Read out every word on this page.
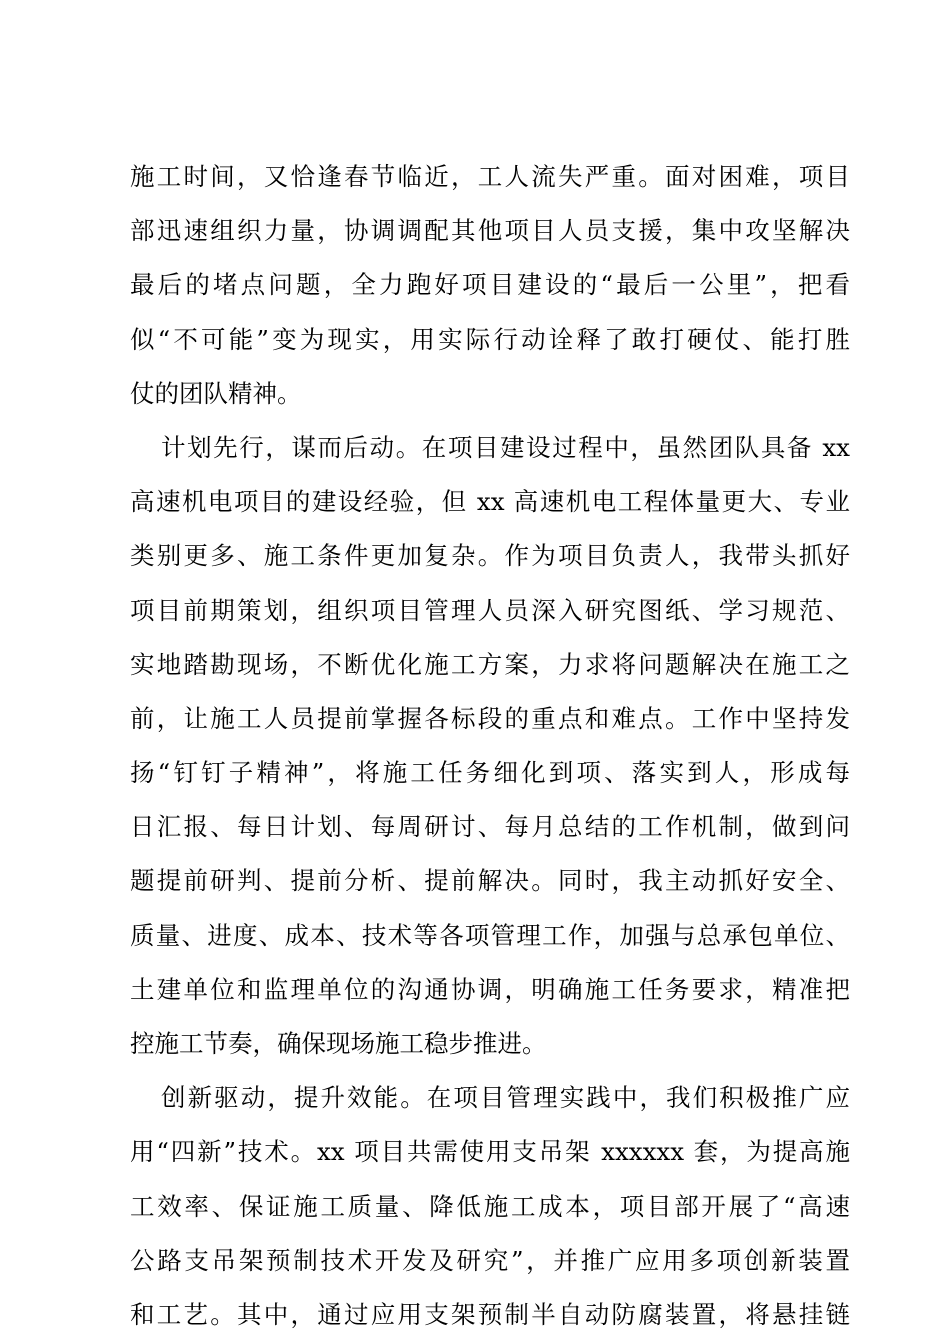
施工时间，又恰逢春节临近，工人流失严重。面对困难，项目
部迅速组织力量，协调调配其他项目人员支援，集中攻坚解决
最后的堵点问题，全力跑好项目建设的“最后一公里”，把看
似“不可能”变为现实，用实际行动诠释了敢打硬仗、能打胜
仗的团队精神。
计划先行，谋而后动。在项目建设过程中，虽然团队具备 xx
高速机电项目的建设经验，但 xx 高速机电工程体量更大、专业
类别更多、施工条件更加复杂。作为项目负责人，我带头抓好
项目前期策划，组织项目管理人员深入研究图纸、学习规范、
实地踏勘现场，不断优化施工方案，力求将问题解决在施工之
前，让施工人员提前掌握各标段的重点和难点。工作中坚持发
扬“钉钉子精神”，将施工任务细化到项、落实到人，形成每
日汇报、每日计划、每周研讨、每月总结的工作机制，做到问
题提前研判、提前分析、提前解决。同时，我主动抓好安全、
质量、进度、成本、技术等各项管理工作，加强与总承包单位、
土建单位和监理单位的沟通协调，明确施工任务要求，精准把
控施工节奏，确保现场施工稳步推进。
创新驱动，提升效能。在项目管理实践中，我们积极推广应
用“四新”技术。xx 项目共需使用支吊架 xxxxxx 套，为提高施
工效率、保证施工质量、降低施工成本，项目部开展了“高速
公路支吊架预制技术开发及研究”，并推广应用多项创新装置
和工艺。其中，通过应用支架预制半自动防腐装置，将悬挂链
